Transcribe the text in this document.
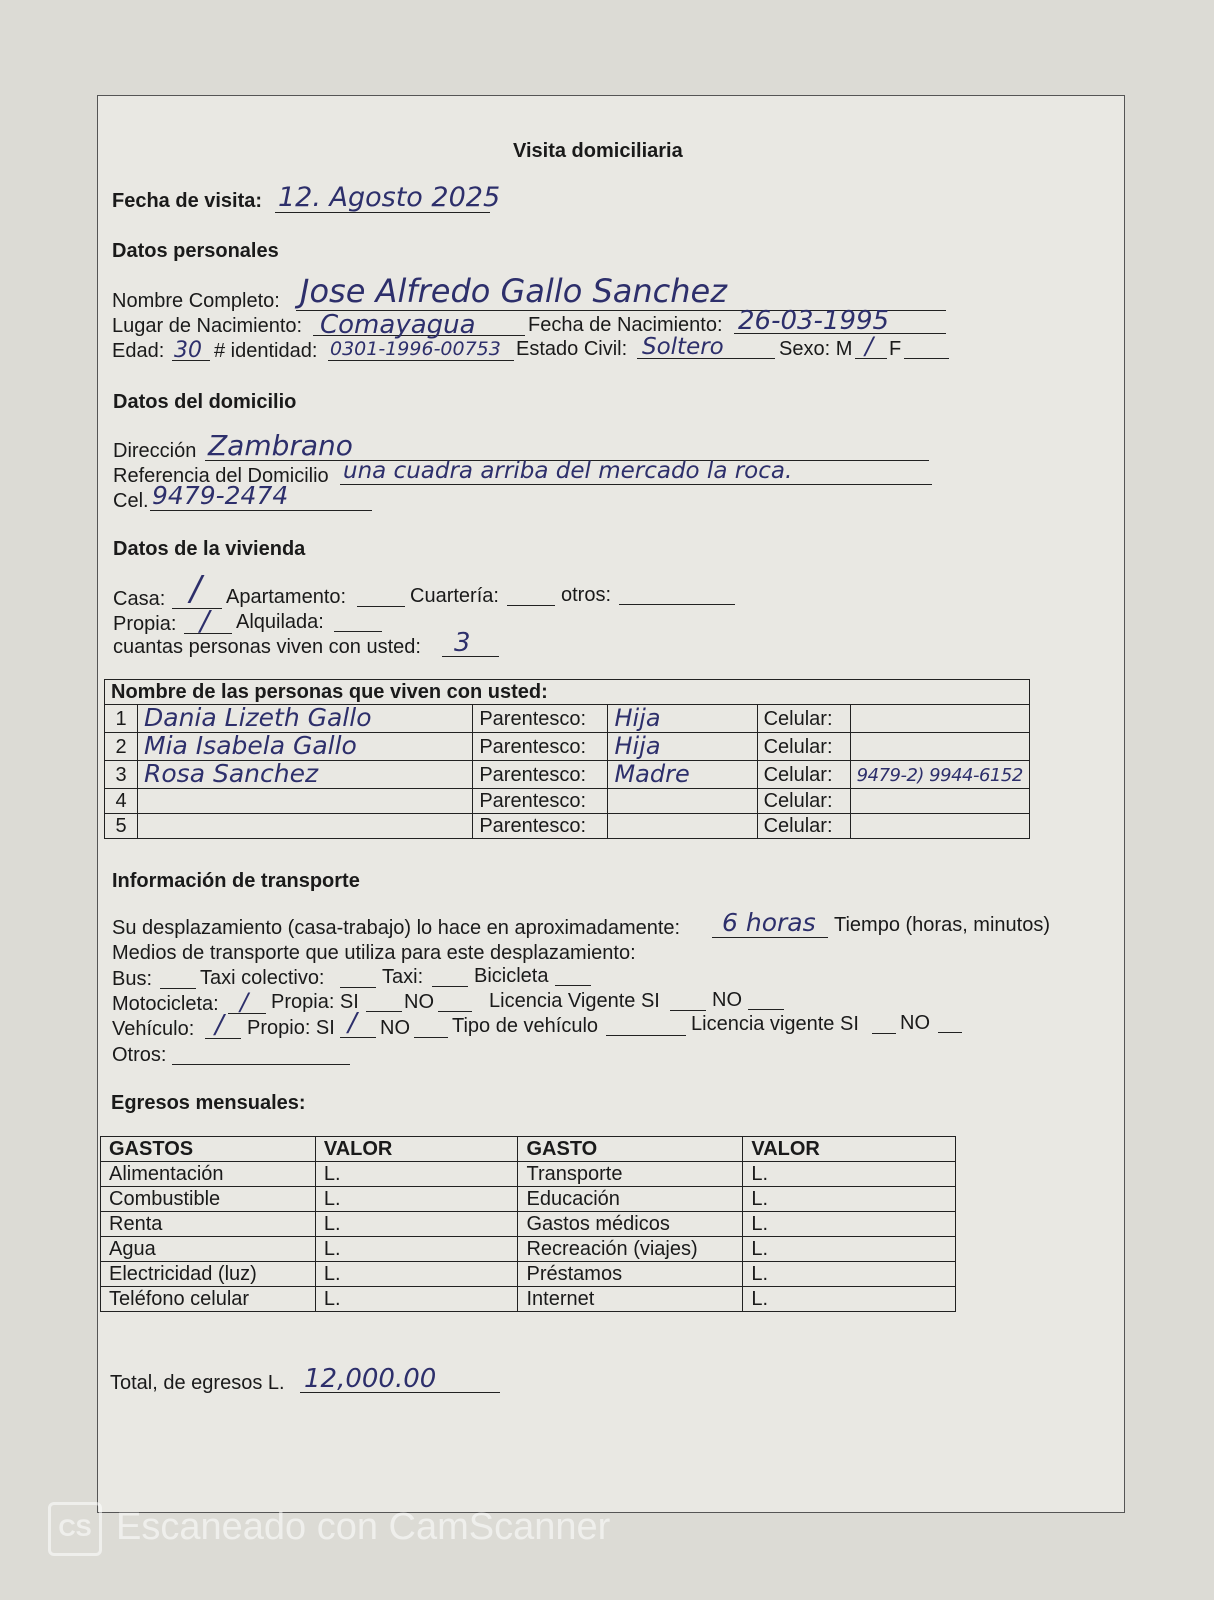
Visita domiciliaria
Fecha de visita: 12. Agosto 2025
Datos personales
Nombre Completo: Jose Alfredo Gallo Sanchez
Lugar de Nacimiento: Comayagua	Fecha de Nacimiento: 26-03-1995
Edad: 30 # identidad: 0301-1996-00753 Estado Civil: Soltero	Sexo: M / F
Datos del domicilio
Dirección Zambrano
Referencia del Domicilio una cuadra arriba del mercado la roca.
Cel. 9479-2474
Datos de la vivienda
Casa: / Apartamento:	Cuartería:	otros:
Propia: / Alquilada:
cuantas personas viven con usted: 3
Nombre de las personas que viven con usted:					
1	Dania Lizeth Gallo	Parentesco:	Hija	Celular:	
2	Mia Isabela Gallo	Parentesco:	Hija	Celular:	
3	Rosa Sanchez	Parentesco:	Madre	Celular:	9479-2) 9944-6152
4		Parentesco:		Celular:	
5		Parentesco:		Celular:	
Información de transporte
Su desplazamiento (casa-trabajo) lo hace en aproximadamente: 6 horas Tiempo (horas, minutos)
Medios de transporte que utiliza para este desplazamiento:
Bus: Taxi colectivo:	Taxi:	Bicicleta
Motocicleta: / Propia: SI NO	Licencia Vigente SI	NO
Vehículo: / Propio: SI / NO Tipo de vehículo	Licencia vigente SI NO
Otros:
Egresos mensuales:
GASTOS	VALOR	GASTO	VALOR
Alimentación	L.	Transporte	L.
Combustible	L.	Educación	L.
Renta	L.	Gastos médicos	L.
Agua	L.	Recreación (viajes)	L.
Electricidad (luz)	L.	Préstamos	L.
Teléfono celular	L.	Internet	L.
Total, de egresos L. 12,000.00
CS Escaneado con CamScanner
